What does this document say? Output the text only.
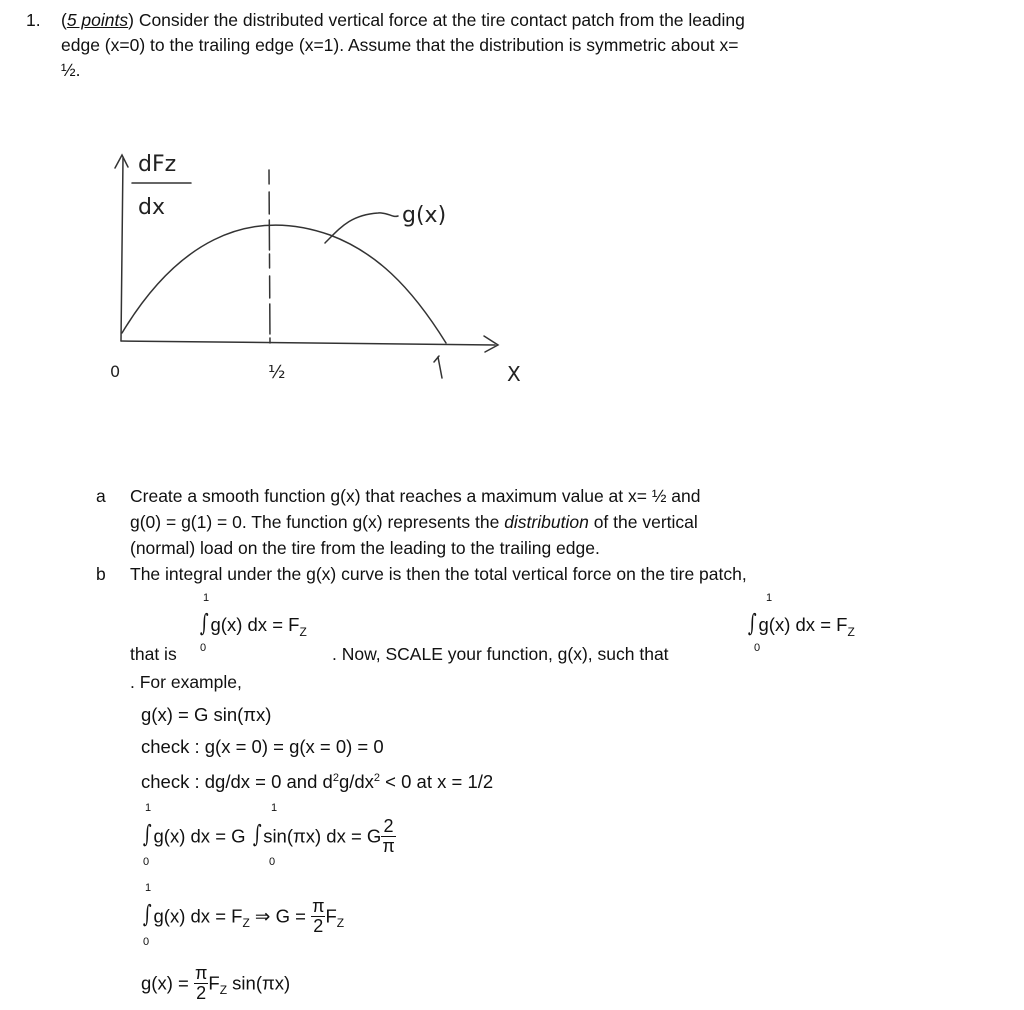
1. (5 points) Consider the distributed vertical force at the tire contact patch from the leading
edge (x=0) to the trailing edge (x=1). Assume that the distribution is symmetric about x=
½.
dFz
dx	g(x)
0	½	X
a Create a smooth function g(x) that reaches a maximum value at x= ½ and
g(0) = g(1) = 0. The function g(x) represents the distribution of the vertical
(normal) load on the tire from the leading to the trailing edge.
b The integral under the g(x) curve is then the total vertical force on the tire patch,
1
∫ g(x) dx = $F_Z$
0
1
∫ g(x) dx = $F_Z$
0
that is	. Now, SCALE your function, g(x), such that
. For example,
g(x) = G sin(πx)
check : g(x = 0) = g(x = 0) = 0
check : dg/dx = 0 and $d^2g/dx^2 < 0$ at x = 1/2
1
0
∫ g(x) dx = G
1
0
∫ sin(πx) dx = G $\frac{2}{\pi}$
1
0
∫ g(x) dx = $F_Z$ ⇒ $G = \frac{\pi}{2} F_Z$
$g(x) = \frac{\pi}{2} F_Z$ sin(πx)
